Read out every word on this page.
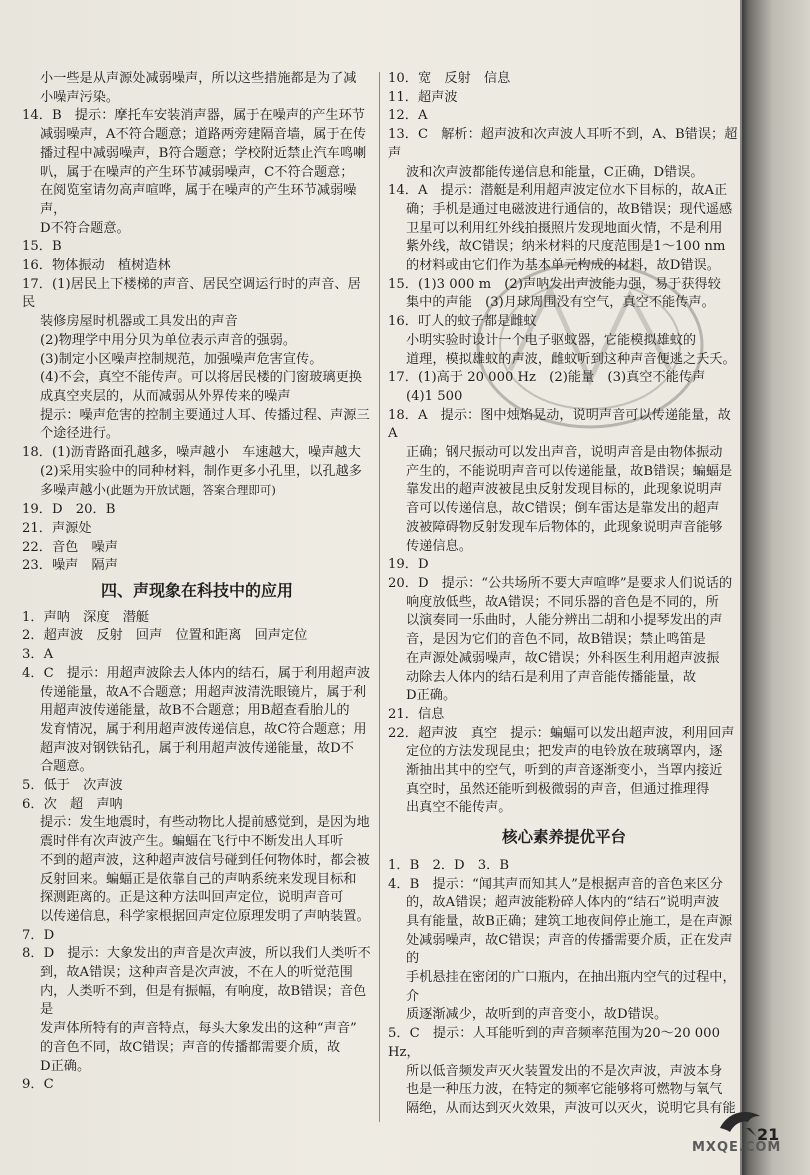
小一些是从声源处减弱噪声，所以这些措施都是为了减
小噪声污染。
14．B　提示：摩托车安装消声器，属于在噪声的产生环节
减弱噪声，A不符合题意；道路两旁建隔音墙，属于在传
播过程中减弱噪声，B符合题意；学校附近禁止汽车鸣喇
叭，属于在噪声的产生环节减弱噪声，C不符合题意；
在阅览室请勿高声喧哗，属于在噪声的产生环节减弱噪声，
D不符合题意。
15．B
16．物体振动　植树造林
17．(1)居民上下楼梯的声音、居民空调运行时的声音、居民
装修房屋时机器或工具发出的声音
(2)物理学中用分贝为单位表示声音的强弱。
(3)制定小区噪声控制规范，加强噪声危害宣传。
(4)不会，真空不能传声。可以将居民楼的门窗玻璃更换
成真空夹层的，从而减弱从外界传来的噪声
提示：噪声危害的控制主要通过人耳、传播过程、声源三
个途径进行。
18．(1)沥青路面孔越多，噪声越小　车速越大，噪声越大
(2)采用实验中的同种材料，制作更多小孔里，以孔越多
多噪声越小(此题为开放试题，答案合理即可)
19．D　20．B
21．声源处
22．音色　噪声
23．噪声　隔声
四、声现象在科技中的应用
1．声呐　深度　潜艇
2．超声波　反射　回声　位置和距离　回声定位
3．A
4．C　提示：用超声波除去人体内的结石，属于利用超声波
传递能量，故A不合题意；用超声波清洗眼镜片，属于利
用超声波传递能量，故B不合题意；用B超查看胎儿的
发育情况，属于利用超声波传递信息，故C符合题意；用
超声波对钢铁钻孔，属于利用超声波传递能量，故D不
合题意。
5．低于　次声波
6．次　超　声呐
提示：发生地震时，有些动物比人提前感觉到，是因为地
震时伴有次声波产生。蝙蝠在飞行中不断发出人耳听
不到的超声波，这种超声波信号碰到任何物体时，都会被
反射回来。蝙蝠正是依靠自己的声呐系统来发现目标和
探测距离的。正是这种方法叫回声定位，说明声音可
以传递信息，科学家根据回声定位原理发明了声呐装置。
7．D
8．D　提示：大象发出的声音是次声波，所以我们人类听不
到，故A错误；这种声音是次声波，不在人的听觉范围
内，人类听不到，但是有振幅，有响度，故B错误；音色是
发声体所特有的声音特点，每头大象发出的这种“声音”
的音色不同，故C错误；声音的传播都需要介质，故
D正确。
9．C
10．宽　反射　信息
11．超声波
12．A
13．C　解析：超声波和次声波人耳听不到，A、B错误；超声
波和次声波都能传递信息和能量，C正确，D错误。
14．A　提示：潜艇是利用超声波定位水下目标的，故A正
确；手机是通过电磁波进行通信的，故B错误；现代遥感
卫星可以利用红外线拍摄照片发现地面火情，不是利用
紫外线，故C错误；纳米材料的尺度范围是1～100 nm
的材料或由它们作为基本单元构成的材料，故D错误。
15．(1)3 000 m　(2)声呐发出声波能力强，易于获得较
集中的声能　(3)月球周围没有空气，真空不能传声。
16．叮人的蚊子都是雌蚊
小明实验时设计一个电子驱蚊器，它能模拟雄蚊的
道理，模拟雄蚊的声波，雌蚊听到这种声音便逃之夭夭。
17．(1)高于 20 000 Hz　(2)能量　(3)真空不能传声
(4)1 500
18．A　提示：图中烛焰晃动，说明声音可以传递能量，故A
正确；钢尺振动可以发出声音，说明声音是由物体振动
产生的，不能说明声音可以传递能量，故B错误；蝙蝠是
靠发出的超声波被昆虫反射发现目标的，此现象说明声
音可以传递信息，故C错误；倒车雷达是靠发出的超声
波被障碍物反射发现车后物体的，此现象说明声音能够
传递信息。
19．D
20．D　提示：“公共场所不要大声喧哗”是要求人们说话的
响度放低些，故A错误；不同乐器的音色是不同的，所
以演奏同一乐曲时，人能分辨出二胡和小提琴发出的声
音，是因为它们的音色不同，故B错误；禁止鸣笛是
在声源处减弱噪声，故C错误；外科医生利用超声波振
动除去人体内的结石是利用了声音能传播能量，故
D正确。
21．信息
22．超声波　真空　提示：蝙蝠可以发出超声波，利用回声
定位的方法发现昆虫；把发声的电铃放在玻璃罩内，逐
渐抽出其中的空气，听到的声音逐渐变小，当罩内接近
真空时，虽然还能听到极微弱的声音，但通过推理得
出真空不能传声。
核心素养提优平台
1．B　2．D　3．B
4．B　提示：“闻其声而知其人”是根据声音的音色来区分
的，故A错误；超声波能粉碎人体内的“结石”说明声波
具有能量，故B正确；建筑工地夜间停止施工，是在声源
处减弱噪声，故C错误；声音的传播需要介质，正在发声的
手机悬挂在密闭的广口瓶内，在抽出瓶内空气的过程中，介
质逐渐减少，故听到的声音变小，故D错误。
5．C　提示：人耳能听到的声音频率范围为20～20 000 Hz，
所以低音频发声灭火装置发出的不是次声波，声波本身
也是一种压力波，在特定的频率它能够将可燃物与氧气
隔绝，从而达到灭火效果，声波可以灭火，说明它具有能
21
MXQE.COM
